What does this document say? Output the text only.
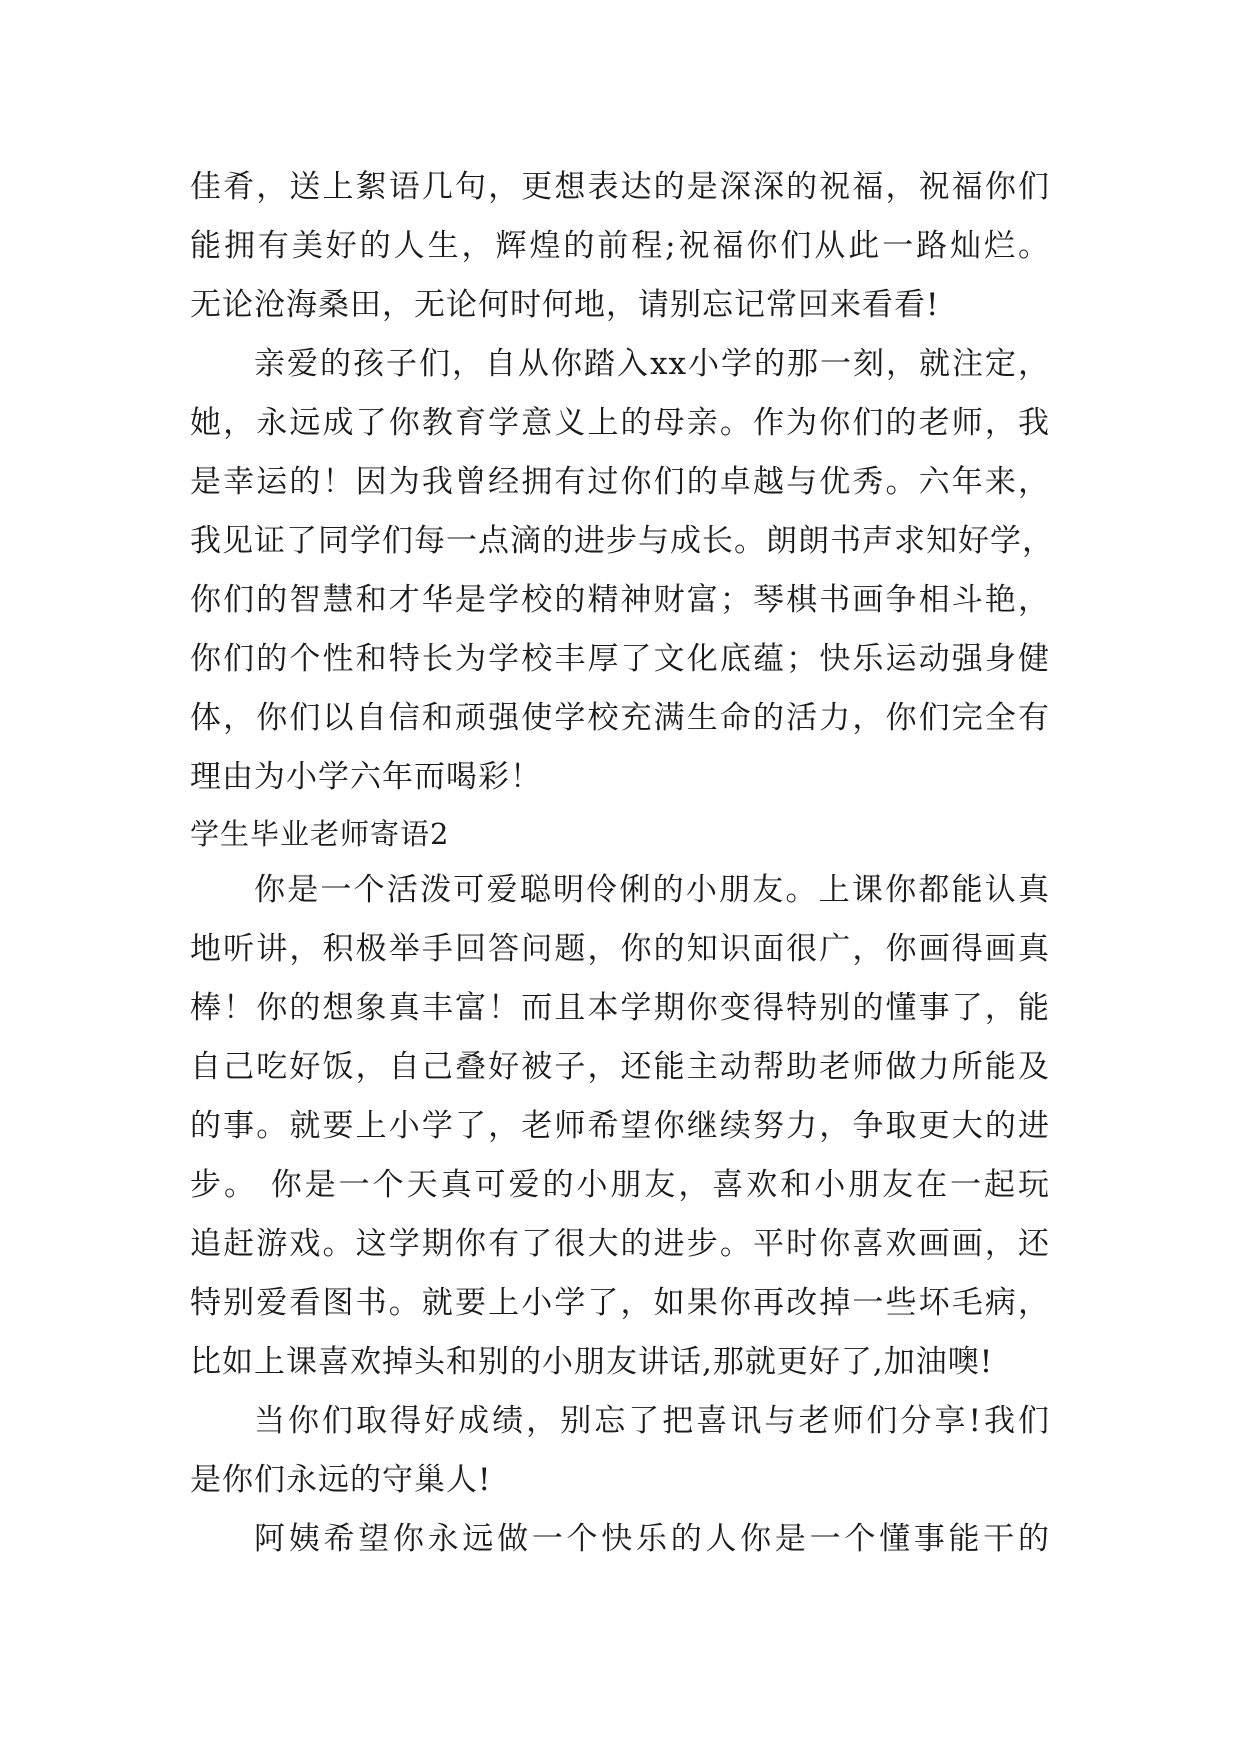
佳肴，送上絮语几句，更想表达的是深深的祝福，祝福你们
能拥有美好的人生，辉煌的前程;祝福你们从此一路灿烂。
无论沧海桑田，无论何时何地，请别忘记常回来看看!
亲爱的孩子们，自从你踏入xx小学的那一刻，就注定，
她，永远成了你教育学意义上的母亲。作为你们的老师，我
是幸运的！因为我曾经拥有过你们的卓越与优秀。六年来，
我见证了同学们每一点滴的进步与成长。朗朗书声求知好学，
你们的智慧和才华是学校的精神财富；琴棋书画争相斗艳，
你们的个性和特长为学校丰厚了文化底蕴；快乐运动强身健
体，你们以自信和顽强使学校充满生命的活力，你们完全有
理由为小学六年而喝彩！
学生毕业老师寄语2
你是一个活泼可爱聪明伶俐的小朋友。上课你都能认真
地听讲，积极举手回答问题，你的知识面很广，你画得画真
棒！你的想象真丰富！而且本学期你变得特别的懂事了，能
自己吃好饭，自己叠好被子，还能主动帮助老师做力所能及
的事。就要上小学了，老师希望你继续努力，争取更大的进
步。 你是一个天真可爱的小朋友，喜欢和小朋友在一起玩
追赶游戏。这学期你有了很大的进步。平时你喜欢画画，还
特别爱看图书。就要上小学了，如果你再改掉一些坏毛病，
比如上课喜欢掉头和别的小朋友讲话,那就更好了,加油噢!
当你们取得好成绩，别忘了把喜讯与老师们分享!我们
是你们永远的守巢人!
阿姨希望你永远做一个快乐的人你是一个懂事能干的
